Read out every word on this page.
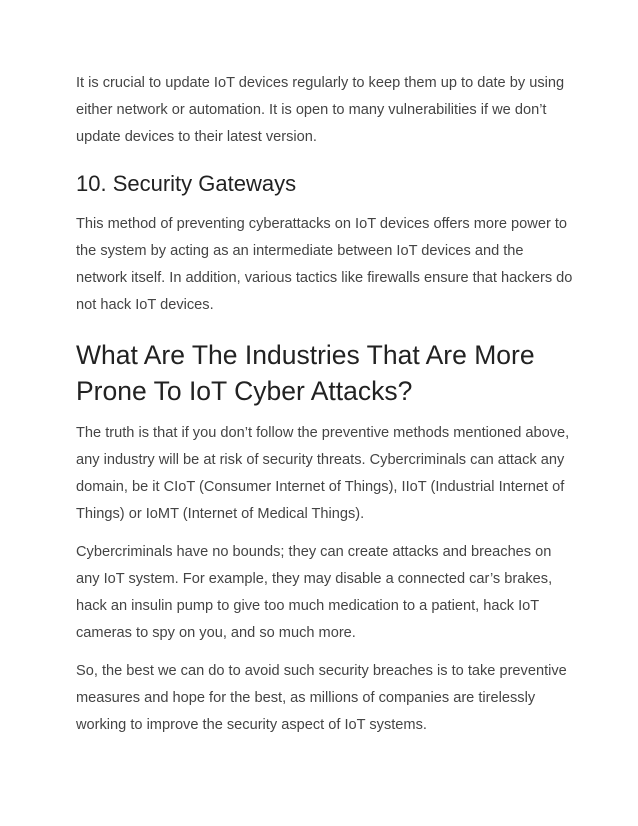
It is crucial to update IoT devices regularly to keep them up to date by using either network or automation. It is open to many vulnerabilities if we don’t update devices to their latest version.

10. Security Gateways

This method of preventing cyberattacks on IoT devices offers more power to the system by acting as an intermediate between IoT devices and the network itself. In addition, various tactics like firewalls ensure that hackers do not hack IoT devices.

What Are The Industries That Are More Prone To IoT Cyber Attacks?

The truth is that if you don’t follow the preventive methods mentioned above, any industry will be at risk of security threats. Cybercriminals can attack any domain, be it CIoT (Consumer Internet of Things), IIoT (Industrial Internet of Things) or IoMT (Internet of Medical Things).

Cybercriminals have no bounds; they can create attacks and breaches on any IoT system. For example, they may disable a connected car’s brakes, hack an insulin pump to give too much medication to a patient, hack IoT cameras to spy on you, and so much more.

So, the best we can do to avoid such security breaches is to take preventive measures and hope for the best, as millions of companies are tirelessly working to improve the security aspect of IoT systems.
